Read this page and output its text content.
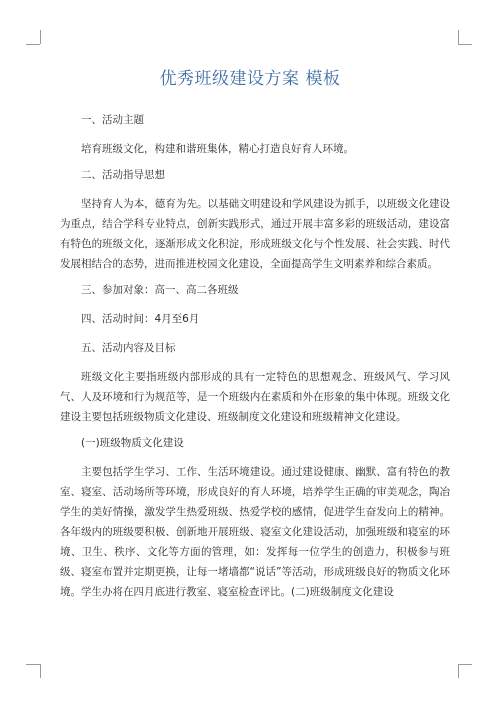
优秀班级建设方案 模板

一、活动主题

培育班级文化，构建和谐班集体，精心打造良好育人环境。

二、活动指导思想

坚持育人为本，德育为先。以基础文明建设和学风建设为抓手，以班级文化建设为重点，结合学科专业特点，创新实践形式，通过开展丰富多彩的班级活动，建设富有特色的班级文化，逐渐形成文化积淀，形成班级文化与个性发展、社会实践、时代发展相结合的态势，进而推进校园文化建设，全面提高学生文明素养和综合素质。

三、参加对象：高一、高二各班级

四、活动时间：4月至6月

五、活动内容及目标

班级文化主要指班级内部形成的具有一定特色的思想观念、班级风气、学习风气、人及环境和行为规范等，是一个班级内在素质和外在形象的集中体现。班级文化建设主要包括班级物质文化建设、班级制度文化建设和班级精神文化建设。

(一)班级物质文化建设

主要包括学生学习、工作、生活环境建设。通过建设健康、幽默、富有特色的教室、寝室、活动场所等环境，形成良好的育人环境，培养学生正确的审美观念，陶冶学生的美好情操，激发学生热爱班级、热爱学校的感情，促进学生奋发向上的精神。各年级内的班级要积极、创新地开展班级、寝室文化建设活动，加强班级和寝室的环境、卫生、秩序、文化等方面的管理，如：发挥每一位学生的创造力，积极参与班级、寝室布置并定期更换，让每一堵墙都“说话”等活动，形成班级良好的物质文化环境。学生办将在四月底进行教室、寝室检查评比。(二)班级制度文化建设
